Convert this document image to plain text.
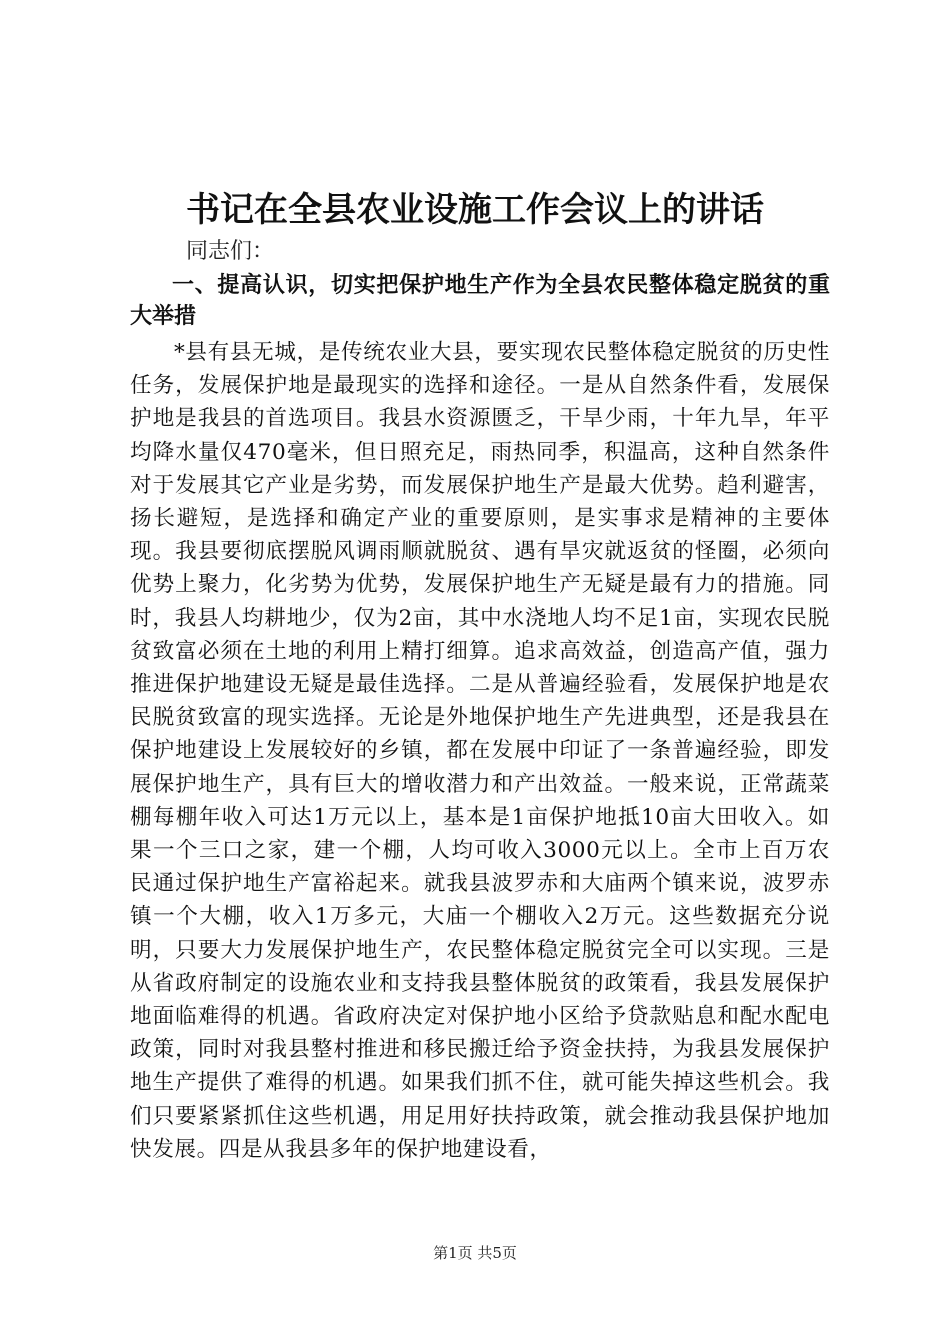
书记在全县农业设施工作会议上的讲话

同志们：

一、提高认识，切实把保护地生产作为全县农民整体稳定脱贫的重大举措

*县有县无城，是传统农业大县，要实现农民整体稳定脱贫的历史性任务，发展保护地是最现实的选择和途径。一是从自然条件看，发展保护地是我县的首选项目。我县水资源匮乏，干旱少雨，十年九旱，年平均降水量仅470毫米，但日照充足，雨热同季，积温高，这种自然条件对于发展其它产业是劣势，而发展保护地生产是最大优势。趋利避害，扬长避短，是选择和确定产业的重要原则，是实事求是精神的主要体现。我县要彻底摆脱风调雨顺就脱贫、遇有旱灾就返贫的怪圈，必须向优势上聚力，化劣势为优势，发展保护地生产无疑是最有力的措施。同时，我县人均耕地少，仅为2亩，其中水浇地人均不足1亩，实现农民脱贫致富必须在土地的利用上精打细算。追求高效益，创造高产值，强力推进保护地建设无疑是最佳选择。二是从普遍经验看，发展保护地是农民脱贫致富的现实选择。无论是外地保护地生产先进典型，还是我县在保护地建设上发展较好的乡镇，都在发展中印证了一条普遍经验，即发展保护地生产，具有巨大的增收潜力和产出效益。一般来说，正常蔬菜棚每棚年收入可达1万元以上，基本是1亩保护地抵10亩大田收入。如果一个三口之家，建一个棚，人均可收入3000元以上。全市上百万农民通过保护地生产富裕起来。就我县波罗赤和大庙两个镇来说，波罗赤镇一个大棚，收入1万多元，大庙一个棚收入2万元。这些数据充分说明，只要大力发展保护地生产，农民整体稳定脱贫完全可以实现。三是从省政府制定的设施农业和支持我县整体脱贫的政策看，我县发展保护地面临难得的机遇。省政府决定对保护地小区给予贷款贴息和配水配电政策，同时对我县整村推进和移民搬迁给予资金扶持，为我县发展保护地生产提供了难得的机遇。如果我们抓不住，就可能失掉这些机会。我们只要紧紧抓住这些机遇，用足用好扶持政策，就会推动我县保护地加快发展。四是从我县多年的保护地建设看，

第1页 共5页
